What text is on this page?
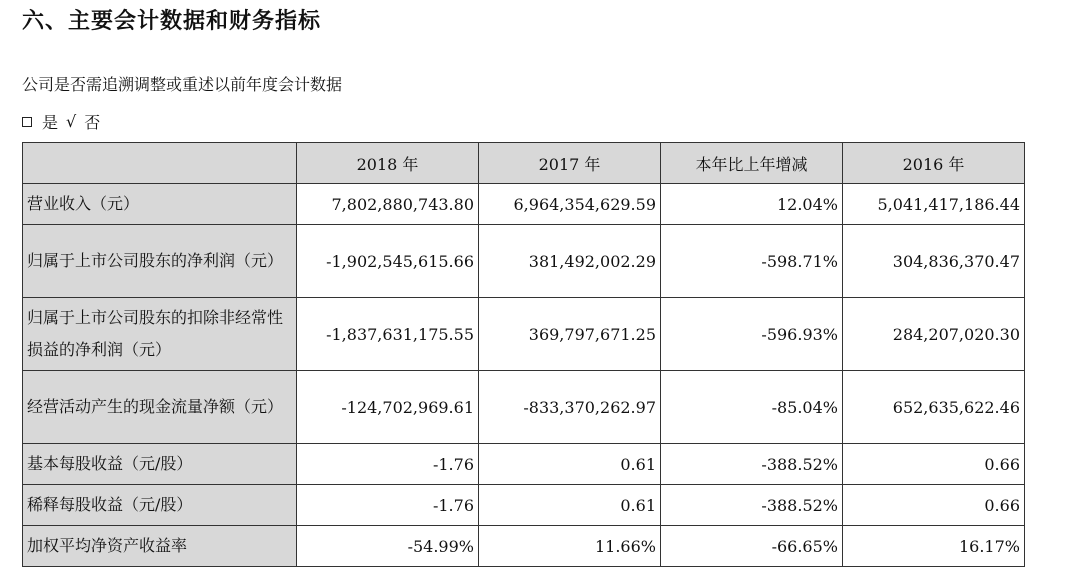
六、主要会计数据和财务指标
公司是否需追溯调整或重述以前年度会计数据
是 √ 否
	2018 年	2017 年	本年比上年增减	2016 年
营业收入（元）	7,802,880,743.80	6,964,354,629.59	12.04%	5,041,417,186.44
归属于上市公司股东的净利润（元）	-1,902,545,615.66	381,492,002.29	-598.71%	304,836,370.47
归属于上市公司股东的扣除非经常性损益的净利润（元）	-1,837,631,175.55	369,797,671.25	-596.93%	284,207,020.30
经营活动产生的现金流量净额（元）	-124,702,969.61	-833,370,262.97	-85.04%	652,635,622.46
基本每股收益（元/股）	-1.76	0.61	-388.52%	0.66
稀释每股收益（元/股）	-1.76	0.61	-388.52%	0.66
加权平均净资产收益率	-54.99%	11.66%	-66.65%	16.17%
